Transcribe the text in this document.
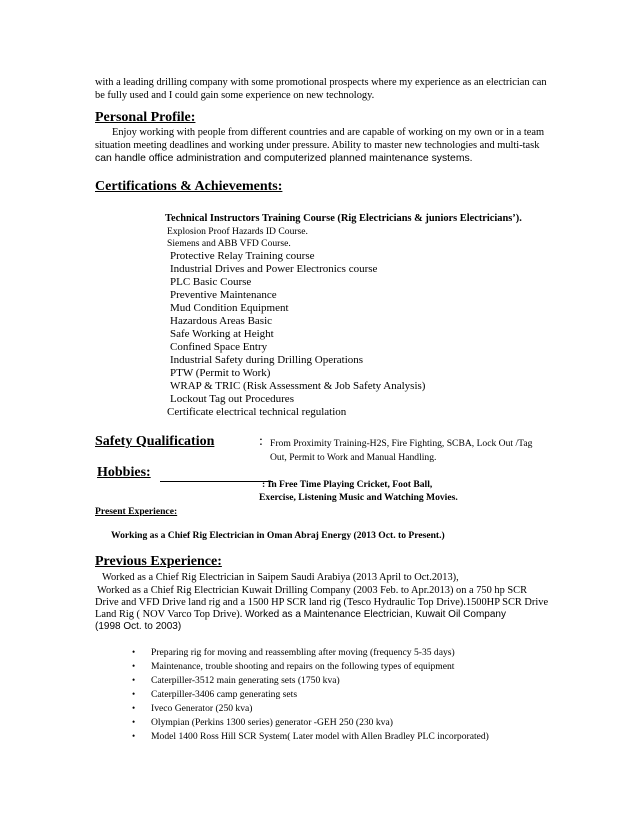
with a leading drilling company with some promotional prospects where my experience as an electrician can
be fully used and I could gain some experience on new technology.
Personal Profile:
Enjoy working with people from different countries and are capable of working on my own or in a team
situation meeting deadlines and working under pressure. Ability to master new technologies and multi-task
can handle office administration and computerized planned maintenance systems.
Certifications & Achievements:
Technical Instructors Training Course (Rig Electricians & juniors Electricians’).
Explosion Proof Hazards ID Course.
Siemens and ABB VFD Course.
Protective Relay Training course
Industrial Drives and Power Electronics course
PLC Basic Course
Preventive Maintenance
Mud Condition Equipment
Hazardous Areas Basic
Safe Working at Height
Confined Space Entry
Industrial Safety during Drilling Operations
PTW (Permit to Work)
WRAP & TRIC (Risk Assessment & Job Safety Analysis)
Lockout Tag out Procedures
Certificate electrical technical regulation
Safety Qualification	: From Proximity Training-H2S, Fire Fighting, SCBA, Lock Out /Tag
Out, Permit to Work and Manual Handling.
Hobbies:
: In Free Time Playing Cricket, Foot Ball,
Exercise, Listening Music and Watching Movies.
Present Experience:
Working as a Chief Rig Electrician in Oman Abraj Energy (2013 Oct. to Present.)
Previous Experience:
Worked as a Chief Rig Electrician in Saipem Saudi Arabiya (2013 April to Oct.2013),
Worked as a Chief Rig Electrician Kuwait Drilling Company (2003 Feb. to Apr.2013) on a 750 hp SCR
Drive and VFD Drive land rig and a 1500 HP SCR land rig (Tesco Hydraulic Top Drive).1500HP SCR Drive
Land Rig ( NOV Varco Top Drive). Worked as a Maintenance Electrician, Kuwait Oil Company
(1998 Oct. to 2003)
• Preparing rig for moving and reassembling after moving (frequency 5-35 days)
• Maintenance, trouble shooting and repairs on the following types of equipment
• Caterpiller-3512 main generating sets (1750 kva)
• Caterpiller-3406 camp generating sets
• Iveco Generator (250 kva)
• Olympian (Perkins 1300 series) generator -GEH 250 (230 kva)
• Model 1400 Ross Hill SCR System( Later model with Allen Bradley PLC incorporated)
